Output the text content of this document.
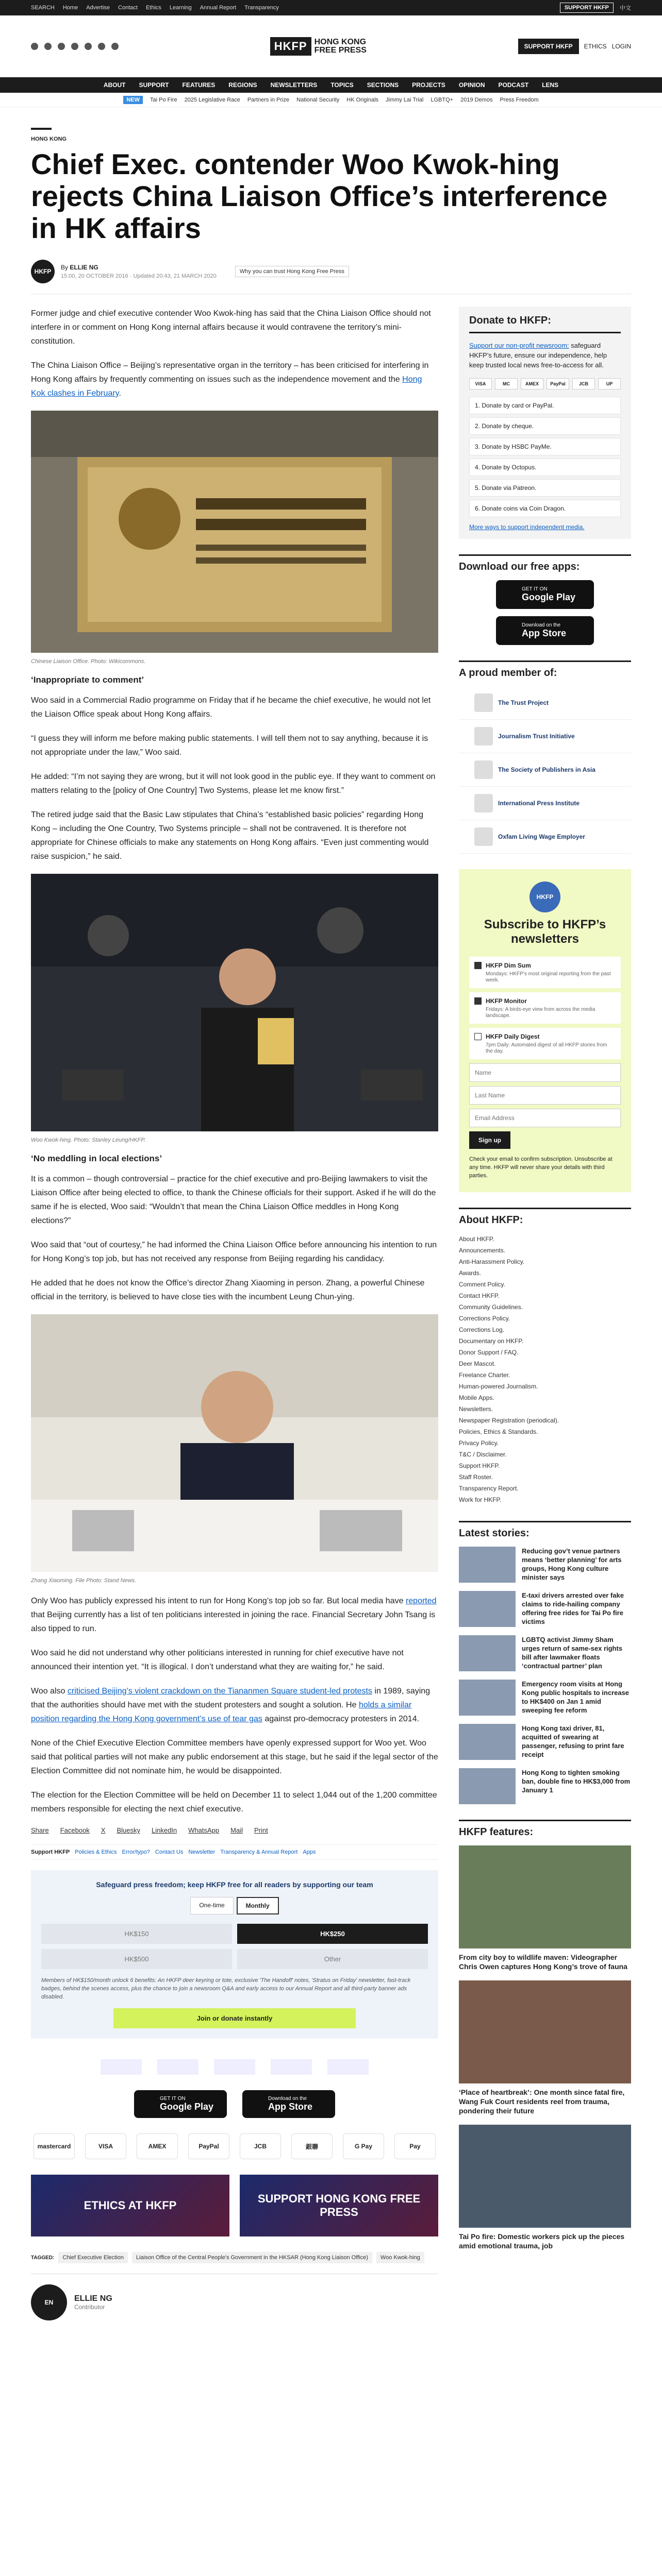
SEARCH Home Advertise Contact Ethics Learning Annual Report Transparency	SUPPORT HKFP	中文
HKFP HONG KONG
FREE PRESS	SUPPORT HKFP	ETHICS LOGIN
ABOUT SUPPORT FEATURES REGIONS NEWSLETTERS TOPICS SECTIONS PROJECTS OPINION PODCAST LENS
NEW	Tai Po Fire 2025 Legislative Race Partners in Prize National Security HK Originals Jimmy Lai Trial LGBTQ+ 2019 Demos Press Freedom
HONG KONG
Chief Exec. contender Woo Kwok-hing rejects China Liaison Office’s interference in HK affairs
HKFP
By ELLIE NG
15:00, 20 OCTOBER 2016 · Updated 20:43, 21 MARCH 2020
Why you can trust Hong Kong Free Press

Former judge and chief executive contender Woo Kwok-hing has said that the China Liaison Office should not interfere in or comment on Hong Kong internal affairs because it would contravene the territory’s mini-constitution.

The China Liaison Office – Beijing’s representative organ in the territory – has been criticised for interfering in Hong Kong affairs by frequently commenting on issues such as the independence movement and the Hong Kok clashes in February.

Chinese Liaison Office. Photo: Wikicommons.
‘Inappropriate to comment’

Woo said in a Commercial Radio programme on Friday that if he became the chief executive, he would not let the Liaison Office speak about Hong Kong affairs.

“I guess they will inform me before making public statements. I will tell them not to say anything, because it is not appropriate under the law,” Woo said.

He added: “I’m not saying they are wrong, but it will not look good in the public eye. If they want to comment on matters relating to the [policy of One Country] Two Systems, please let me know first.”

The retired judge said that the Basic Law stipulates that China’s “established basic policies” regarding Hong Kong – including the One Country, Two Systems principle – shall not be contravened. It is therefore not appropriate for Chinese officials to make any statements on Hong Kong affairs. “Even just commenting would raise suspicion,” he said.

Woo Kwok-hing. Photo: Stanley Leung/HKFP.
‘No meddling in local elections’

It is a common – though controversial – practice for the chief executive and pro-Beijing lawmakers to visit the Liaison Office after being elected to office, to thank the Chinese officials for their support. Asked if he will do the same if he is elected, Woo said: “Wouldn’t that mean the China Liaison Office meddles in Hong Kong elections?”

Woo said that “out of courtesy,” he had informed the China Liaison Office before announcing his intention to run for Hong Kong’s top job, but has not received any response from Beijing regarding his candidacy.

He added that he does not know the Office’s director Zhang Xiaoming in person. Zhang, a powerful Chinese official in the territory, is believed to have close ties with the incumbent Leung Chun-ying.

Zhang Xiaoming. File Photo: Stand News.

Only Woo has publicly expressed his intent to run for Hong Kong’s top job so far. But local media have reported that Beijing currently has a list of ten politicians interested in joining the race. Financial Secretary John Tsang is also tipped to run.

Woo said he did not understand why other politicians interested in running for chief executive have not announced their intention yet. “It is illogical. I don’t understand what they are waiting for,” he said.

Woo also criticised Beijing’s violent crackdown on the Tiananmen Square student-led protests in 1989, saying that the authorities should have met with the student protesters and sought a solution. He holds a similar position regarding the Hong Kong government’s use of tear gas against pro-democracy protesters in 2014.

None of the Chief Executive Election Committee members have openly expressed support for Woo yet. Woo said that political parties will not make any public endorsement at this stage, but he said if the legal sector of the Election Committee did not nominate him, he would be disappointed.

The election for the Election Committee will be held on December 11 to select 1,044 out of the 1,200 committee members responsible for electing the next chief executive.

Share Facebook X Bluesky LinkedIn WhatsApp Mail Print
Support HKFP Policies & Ethics Error/typo? Contact Us Newsletter Transparency & Annual Report Apps
Safeguard press freedom; keep HKFP free for all readers by supporting our team
One-time	Monthly
HK$150	HK$250
HK$500	Other
Members of HK$150/month unlock 6 benefits: An HKFP deer keyring or tote, exclusive 'The Handoff' notes, 'Stratus on Friday' newsletter, fast-track badges, behind the scenes access, plus the chance to join a newsroom Q&A and early access to our Annual Report and all third-party banner ads disabled.
Join or donate instantly
GET IT ON
Google Play
Download on the
App Store
mastercard	VISA	AMEX	PayPal	JCB	銀聯	G Pay	Pay
ETHICS AT HKFP
SUPPORT HONG KONG FREE PRESS
TAGGED:	Chief Executive Election	Liaison Office of the Central People's Government in the HKSAR (Hong Kong Liaison Office)	Woo Kwok-hing
EN	ELLIE NG
Contributor
Donate to HKFP:

Support our non-profit newsroom: safeguard HKFP’s future, ensure our independence, help keep trusted local news free-to-access for all.

VISA	MC	AMEX	PayPal	JCB	UP
1. Donate by card or PayPal.
2. Donate by cheque.
3. Donate by HSBC PayMe.
4. Donate by Octopus.
5. Donate via Patreon.
6. Donate coins via Coin Dragon.
More ways to support independent media.
Download our free apps:
GET IT ON
Google Play
Download on the
App Store
A proud member of:
The Trust Project
Journalism Trust Initiative
The Society of Publishers in Asia
International Press Institute
Oxfam Living Wage Employer
HKFP
Subscribe to HKFP’s newsletters
HKFP Dim Sum
Mondays: HKFP’s most original reporting from the past week.
HKFP Monitor
Fridays: A birds-eye view from across the media landscape.
HKFP Daily Digest
7pm Daily: Automated digest of all HKFP stories from the day.
Name Last Name Email Address
Sign up
Check your email to confirm subscription. Unsubscribe at any time. HKFP will never share your details with third parties.
About HKFP:
About HKFP.
Announcements.
Anti-Harassment Policy.
Awards.
Comment Policy.
Contact HKFP.
Community Guidelines.
Corrections Policy.
Corrections Log.
Documentary on HKFP.
Donor Support / FAQ.
Deer Mascot.
Freelance Charter.
Human-powered Journalism.
Mobile Apps.
Newsletters.
Newspaper Registration (periodical).
Policies, Ethics & Standards.
Privacy Policy.
T&C / Disclaimer.
Support HKFP.
Staff Roster.
Transparency Report.
Work for HKFP.
Latest stories:
Reducing gov’t venue partners means ‘better planning’ for arts groups, Hong Kong culture minister says
E-taxi drivers arrested over fake claims to ride-hailing company offering free rides for Tai Po fire victims
LGBTQ activist Jimmy Sham urges return of same-sex rights bill after lawmaker floats ‘contractual partner’ plan
Emergency room visits at Hong Kong public hospitals to increase to HK$400 on Jan 1 amid sweeping fee reform
Hong Kong taxi driver, 81, acquitted of swearing at passenger, refusing to print fare receipt
Hong Kong to tighten smoking ban, double fine to HK$3,000 from January 1
HKFP features:
From city boy to wildlife maven: Videographer Chris Owen captures Hong Kong’s trove of fauna
‘Place of heartbreak’: One month since fatal fire, Wang Fuk Court residents reel from trauma, pondering their future
Tai Po fire: Domestic workers pick up the pieces amid emotional trauma, job
